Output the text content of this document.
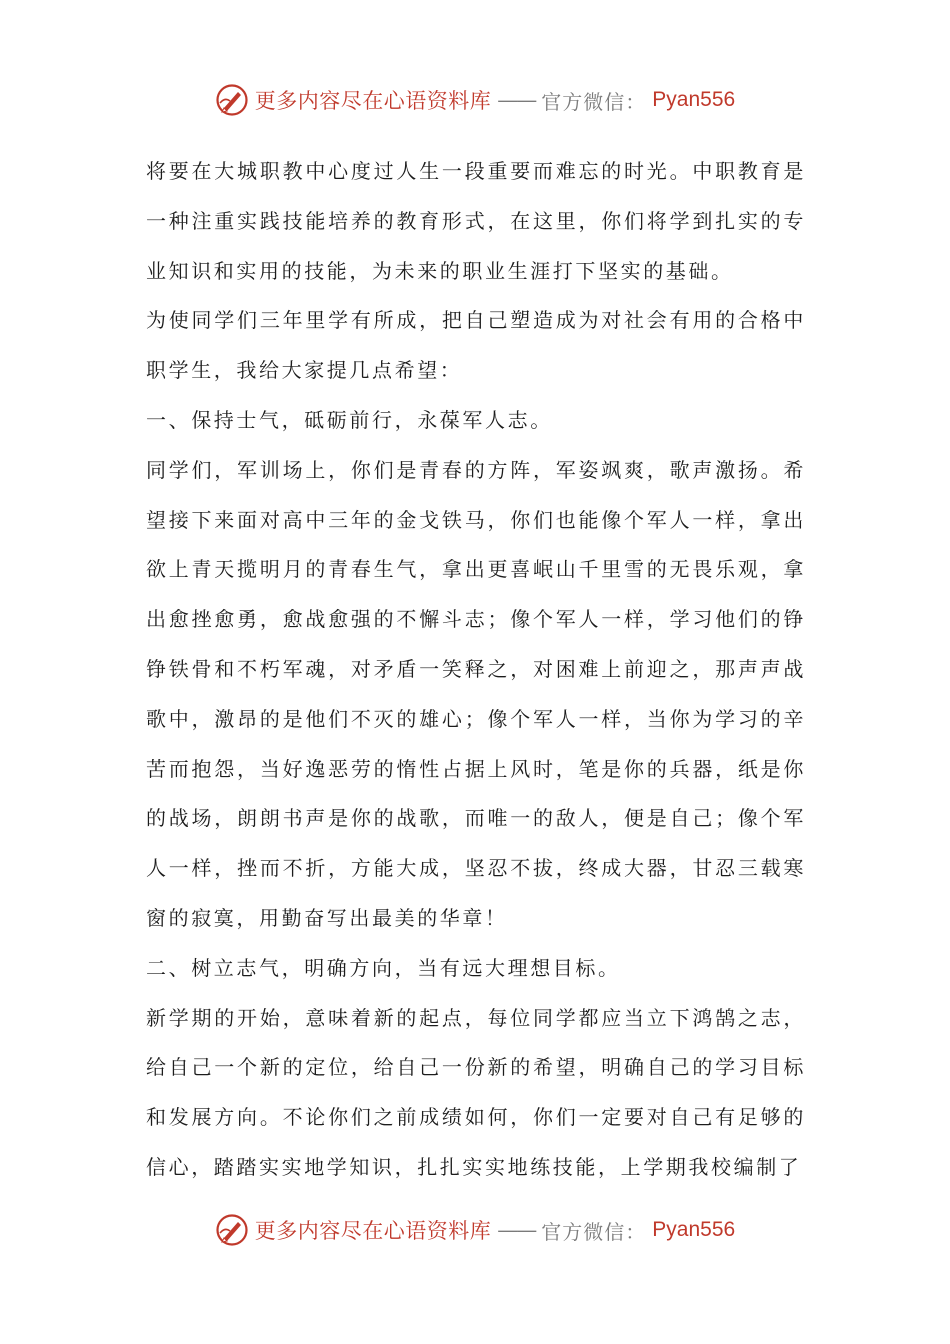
更多内容尽在心语资料库 —— 官方微信： Pyan556

将要在大城职教中心度过人生一段重要而难忘的时光。中职教育是一种注重实践技能培养的教育形式，在这里，你们将学到扎实的专业知识和实用的技能，为未来的职业生涯打下坚实的基础。

为使同学们三年里学有所成，把自己塑造成为对社会有用的合格中职学生，我给大家提几点希望：

一、保持士气，砥砺前行，永葆军人志。

同学们，军训场上，你们是青春的方阵，军姿飒爽，歌声激扬。希望接下来面对高中三年的金戈铁马，你们也能像个军人一样，拿出欲上青天揽明月的青春生气，拿出更喜岷山千里雪的无畏乐观，拿出愈挫愈勇，愈战愈强的不懈斗志；像个军人一样，学习他们的铮铮铁骨和不朽军魂，对矛盾一笑释之，对困难上前迎之，那声声战歌中，激昂的是他们不灭的雄心；像个军人一样，当你为学习的辛苦而抱怨，当好逸恶劳的惰性占据上风时，笔是你的兵器，纸是你的战场，朗朗书声是你的战歌，而唯一的敌人，便是自己；像个军人一样，挫而不折，方能大成，坚忍不拔，终成大器，甘忍三载寒窗的寂寞，用勤奋写出最美的华章！

二、树立志气，明确方向，当有远大理想目标。

新学期的开始，意味着新的起点，每位同学都应当立下鸿鹄之志，给自己一个新的定位，给自己一份新的希望，明确自己的学习目标和发展方向。不论你们之前成绩如何，你们一定要对自己有足够的信心，踏踏实实地学知识，扎扎实实地练技能，上学期我校编制了

更多内容尽在心语资料库 —— 官方微信： Pyan556
